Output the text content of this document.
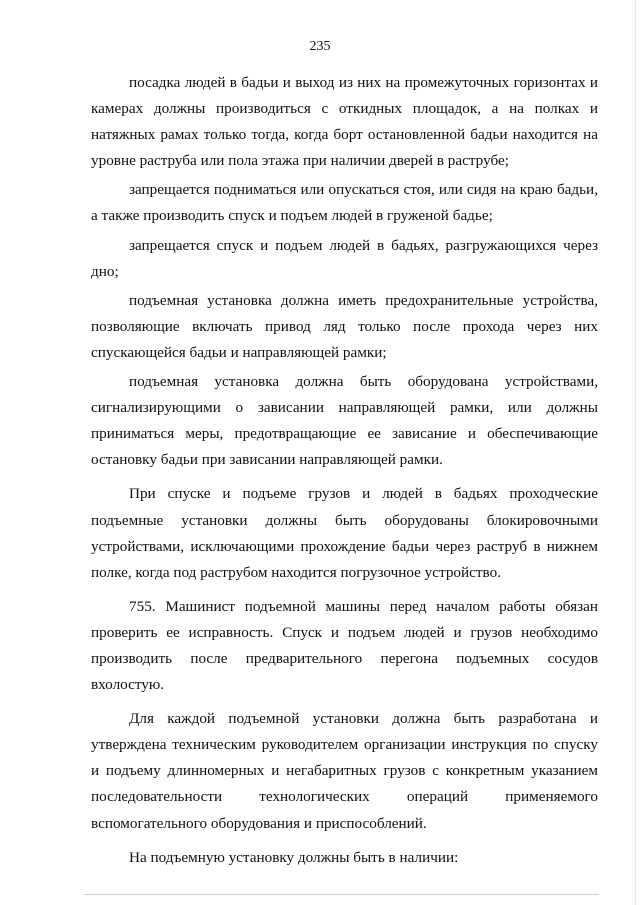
235

посадка людей в бадьи и выход из них на промежуточных горизонтах и камерах должны производиться с откидных площадок, а на полках и натяжных рамах только тогда, когда борт остановленной бадьи находится на уровне раструба или пола этажа при наличии дверей в раструбе;

запрещается подниматься или опускаться стоя, или сидя на краю бадьи, а также производить спуск и подъем людей в груженой бадье;

запрещается спуск и подъем людей в бадьях, разгружающихся через дно;

подъемная установка должна иметь предохранительные устройства, позволяющие включать привод ляд только после прохода через них спускающейся бадьи и направляющей рамки;

подъемная установка должна быть оборудована устройствами, сигнализирующими о зависании направляющей рамки, или должны приниматься меры, предотвращающие ее зависание и обеспечивающие остановку бадьи при зависании направляющей рамки.

При спуске и подъеме грузов и людей в бадьях проходческие подъемные установки должны быть оборудованы блокировочными устройствами, исключающими прохождение бадьи через раструб в нижнем полке, когда под раструбом находится погрузочное устройство.

755. Машинист подъемной машины перед началом работы обязан проверить ее исправность. Спуск и подъем людей и грузов необходимо производить после предварительного перегона подъемных сосудов вхолостую.

Для каждой подъемной установки должна быть разработана и утверждена техническим руководителем организации инструкция по спуску и подъему длинномерных и негабаритных грузов с конкретным указанием последовательности технологических операций применяемого вспомогательного оборудования и приспособлений.

На подъемную установку должны быть в наличии:
